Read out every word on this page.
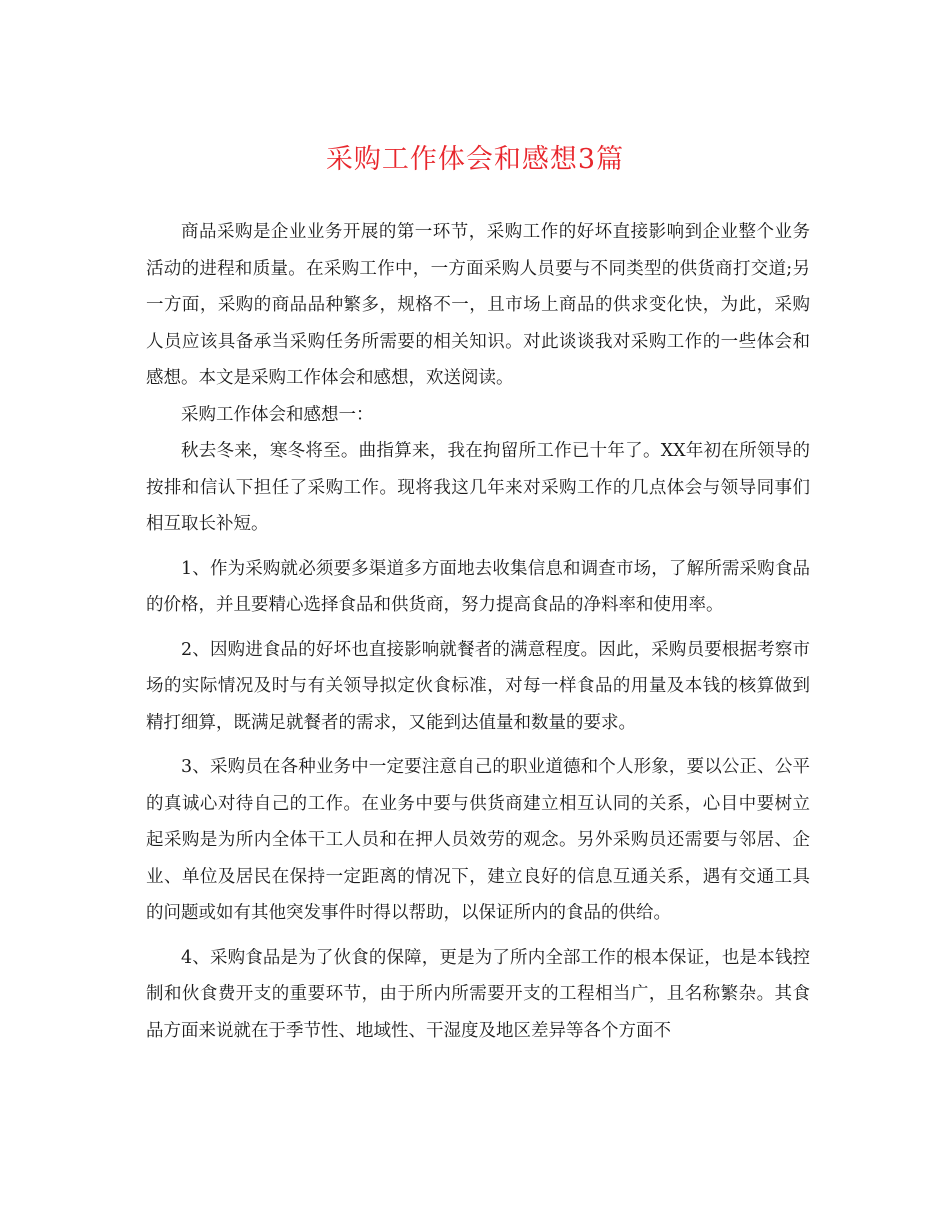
采购工作体会和感想3篇

商品采购是企业业务开展的第一环节，采购工作的好坏直接影响到企业整个业务活动的进程和质量。在采购工作中，一方面采购人员要与不同类型的供货商打交道;另一方面，采购的商品品种繁多，规格不一，且市场上商品的供求变化快，为此，采购人员应该具备承当采购任务所需要的相关知识。对此谈谈我对采购工作的一些体会和感想。本文是采购工作体会和感想，欢送阅读。

采购工作体会和感想一：

秋去冬来，寒冬将至。曲指算来，我在拘留所工作已十年了。XX年初在所领导的按排和信认下担任了采购工作。现将我这几年来对采购工作的几点体会与领导同事们相互取长补短。

1、作为采购就必须要多渠道多方面地去收集信息和调查市场，了解所需采购食品的价格，并且要精心选择食品和供货商，努力提高食品的净料率和使用率。

2、因购进食品的好坏也直接影响就餐者的满意程度。因此，采购员要根据考察市场的实际情况及时与有关领导拟定伙食标准，对每一样食品的用量及本钱的核算做到精打细算，既满足就餐者的需求，又能到达值量和数量的要求。

3、采购员在各种业务中一定要注意自己的职业道德和个人形象，要以公正、公平的真诚心对待自己的工作。在业务中要与供货商建立相互认同的关系，心目中要树立起采购是为所内全体干工人员和在押人员效劳的观念。另外采购员还需要与邻居、企业、单位及居民在保持一定距离的情况下，建立良好的信息互通关系，遇有交通工具的问题或如有其他突发事件时得以帮助，以保证所内的食品的供给。

4、采购食品是为了伙食的保障，更是为了所内全部工作的根本保证，也是本钱控制和伙食费开支的重要环节，由于所内所需要开支的工程相当广，且名称繁杂。其食品方面来说就在于季节性、地域性、干湿度及地区差异等各个方面不
